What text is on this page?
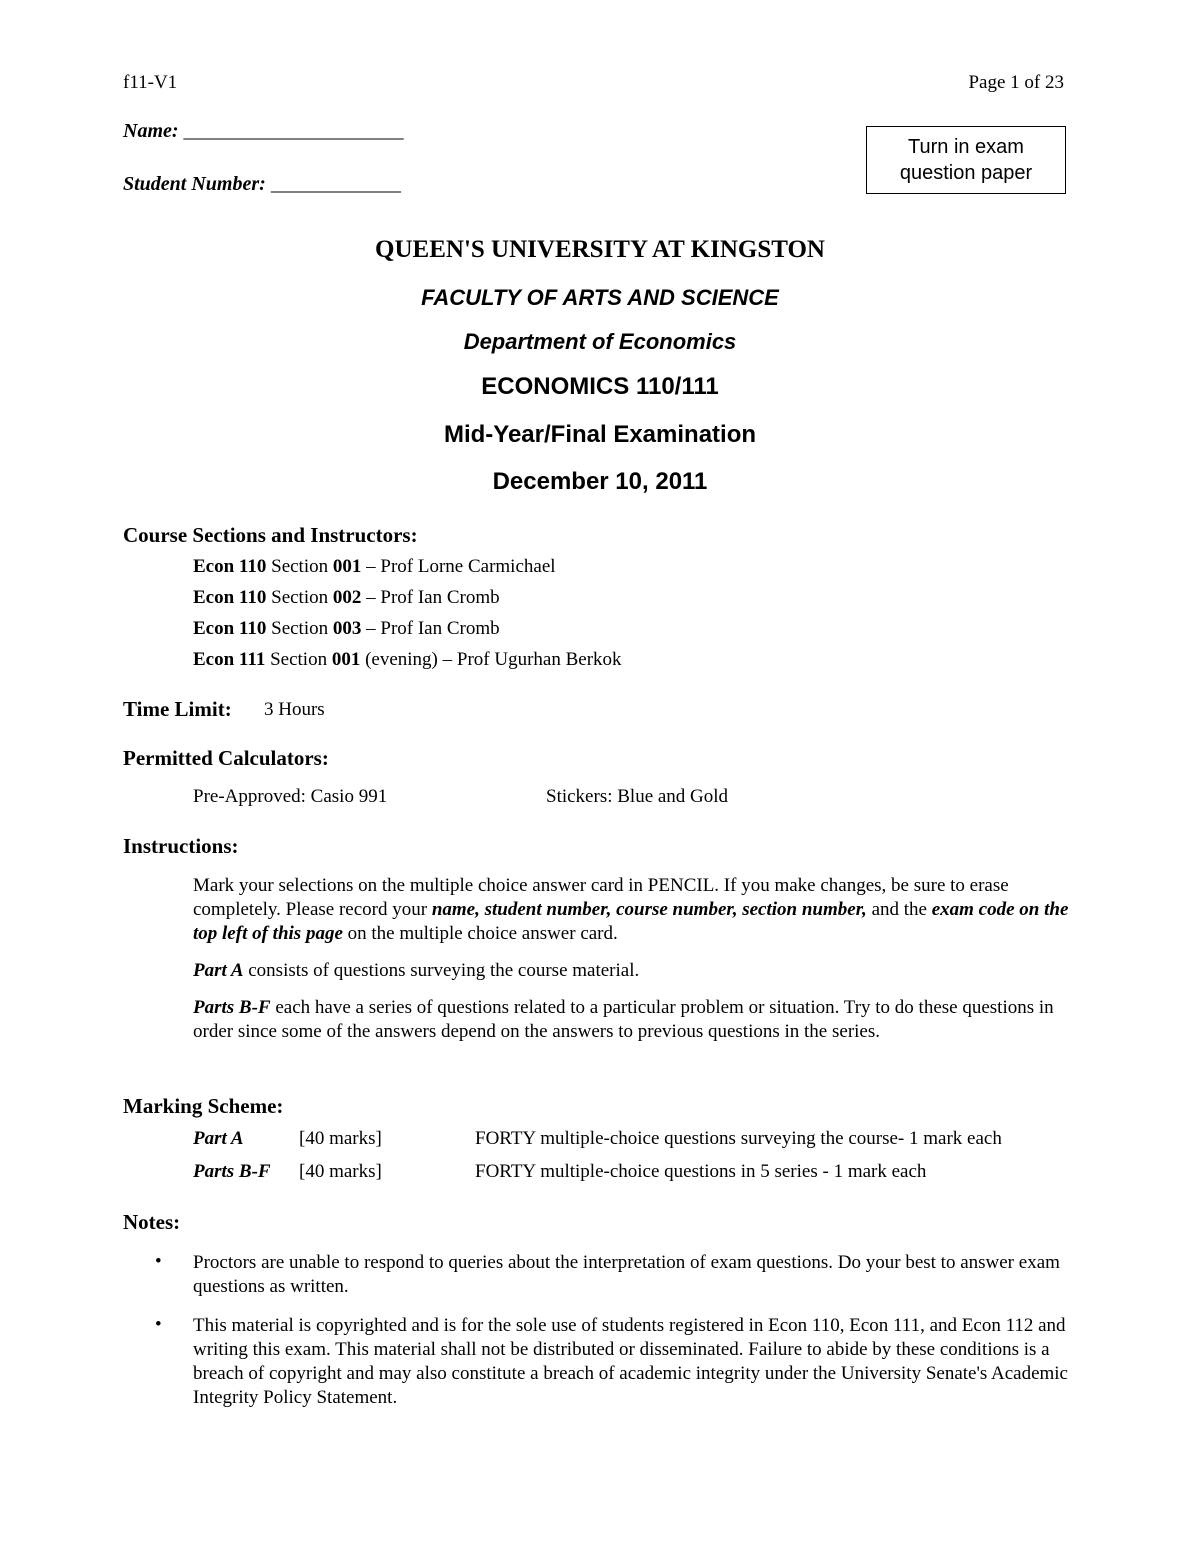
f11-V1	Page 1 of 23
Name: ______________________
Student Number: _____________
Turn in exam
question paper
QUEEN'S UNIVERSITY AT KINGSTON
FACULTY OF ARTS AND SCIENCE
Department of Economics
ECONOMICS 110/111
Mid-Year/Final Examination
December 10, 2011
Course Sections and Instructors:
Econ 110 Section 001 – Prof Lorne Carmichael
Econ 110 Section 002 – Prof Ian Cromb
Econ 110 Section 003 – Prof Ian Cromb
Econ 111 Section 001 (evening) – Prof Ugurhan Berkok
Time Limit: 3 Hours
Permitted Calculators:
Pre-Approved: Casio 991	Stickers: Blue and Gold
Instructions:
Mark your selections on the multiple choice answer card in PENCIL. If you make changes, be sure to erase completely. Please record your name, student number, course number, section number, and the exam code on the top left of this page on the multiple choice answer card.
Part A consists of questions surveying the course material.
Parts B-F each have a series of questions related to a particular problem or situation. Try to do these questions in order since some of the answers depend on the answers to previous questions in the series.
Marking Scheme:
Part A	[40 marks]	FORTY multiple-choice questions surveying the course- 1 mark each
Parts B-F [40 marks]	FORTY multiple-choice questions in 5 series - 1 mark each
Notes:
• Proctors are unable to respond to queries about the interpretation of exam questions. Do your best to answer exam questions as written.
• This material is copyrighted and is for the sole use of students registered in Econ 110, Econ 111, and Econ 112 and writing this exam. This material shall not be distributed or disseminated. Failure to abide by these conditions is a breach of copyright and may also constitute a breach of academic integrity under the University Senate's Academic Integrity Policy Statement.
